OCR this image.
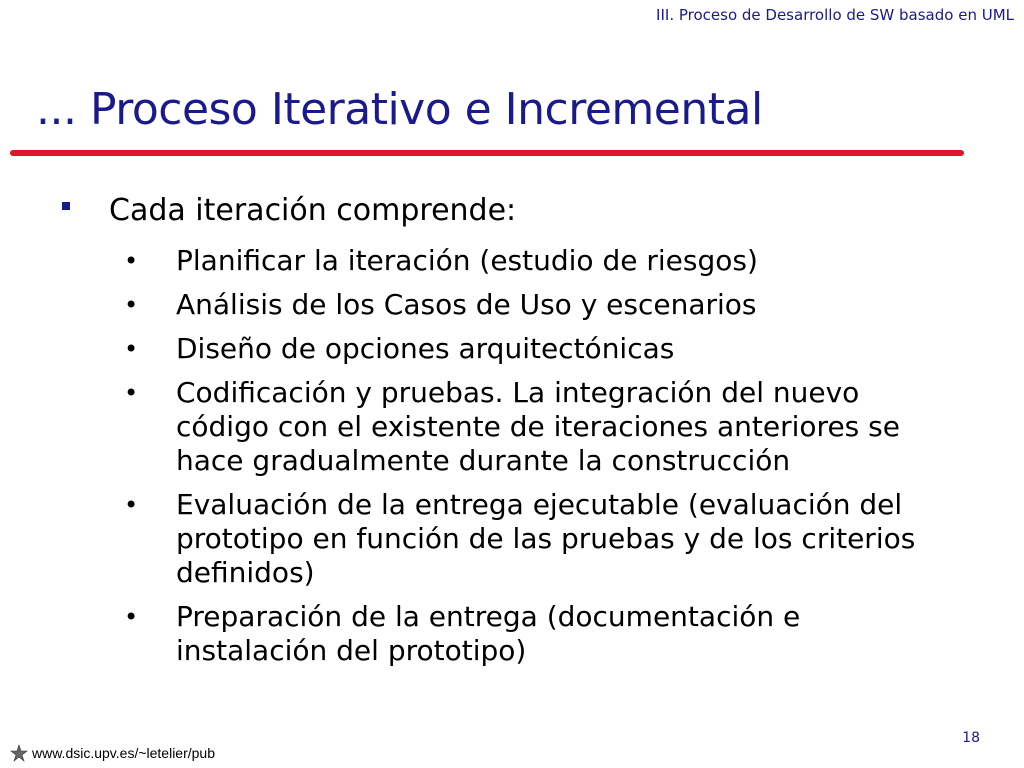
III. Proceso de Desarrollo de SW basado en UML
... Proceso Iterativo e Incremental
Cada iteración comprende:
•	Planificar la iteración (estudio de riesgos)
•	Análisis de los Casos de Uso y escenarios
•	Diseño de opciones arquitectónicas
•	Codificación y pruebas. La integración del nuevo código con el existente de iteraciones anteriores se hace gradualmente durante la construcción
•	Evaluación de la entrega ejecutable (evaluación del prototipo en función de las pruebas y de los criterios definidos)
•	Preparación de la entrega (documentación e instalación del prototipo)
18
www.dsic.upv.es/~letelier/pub
